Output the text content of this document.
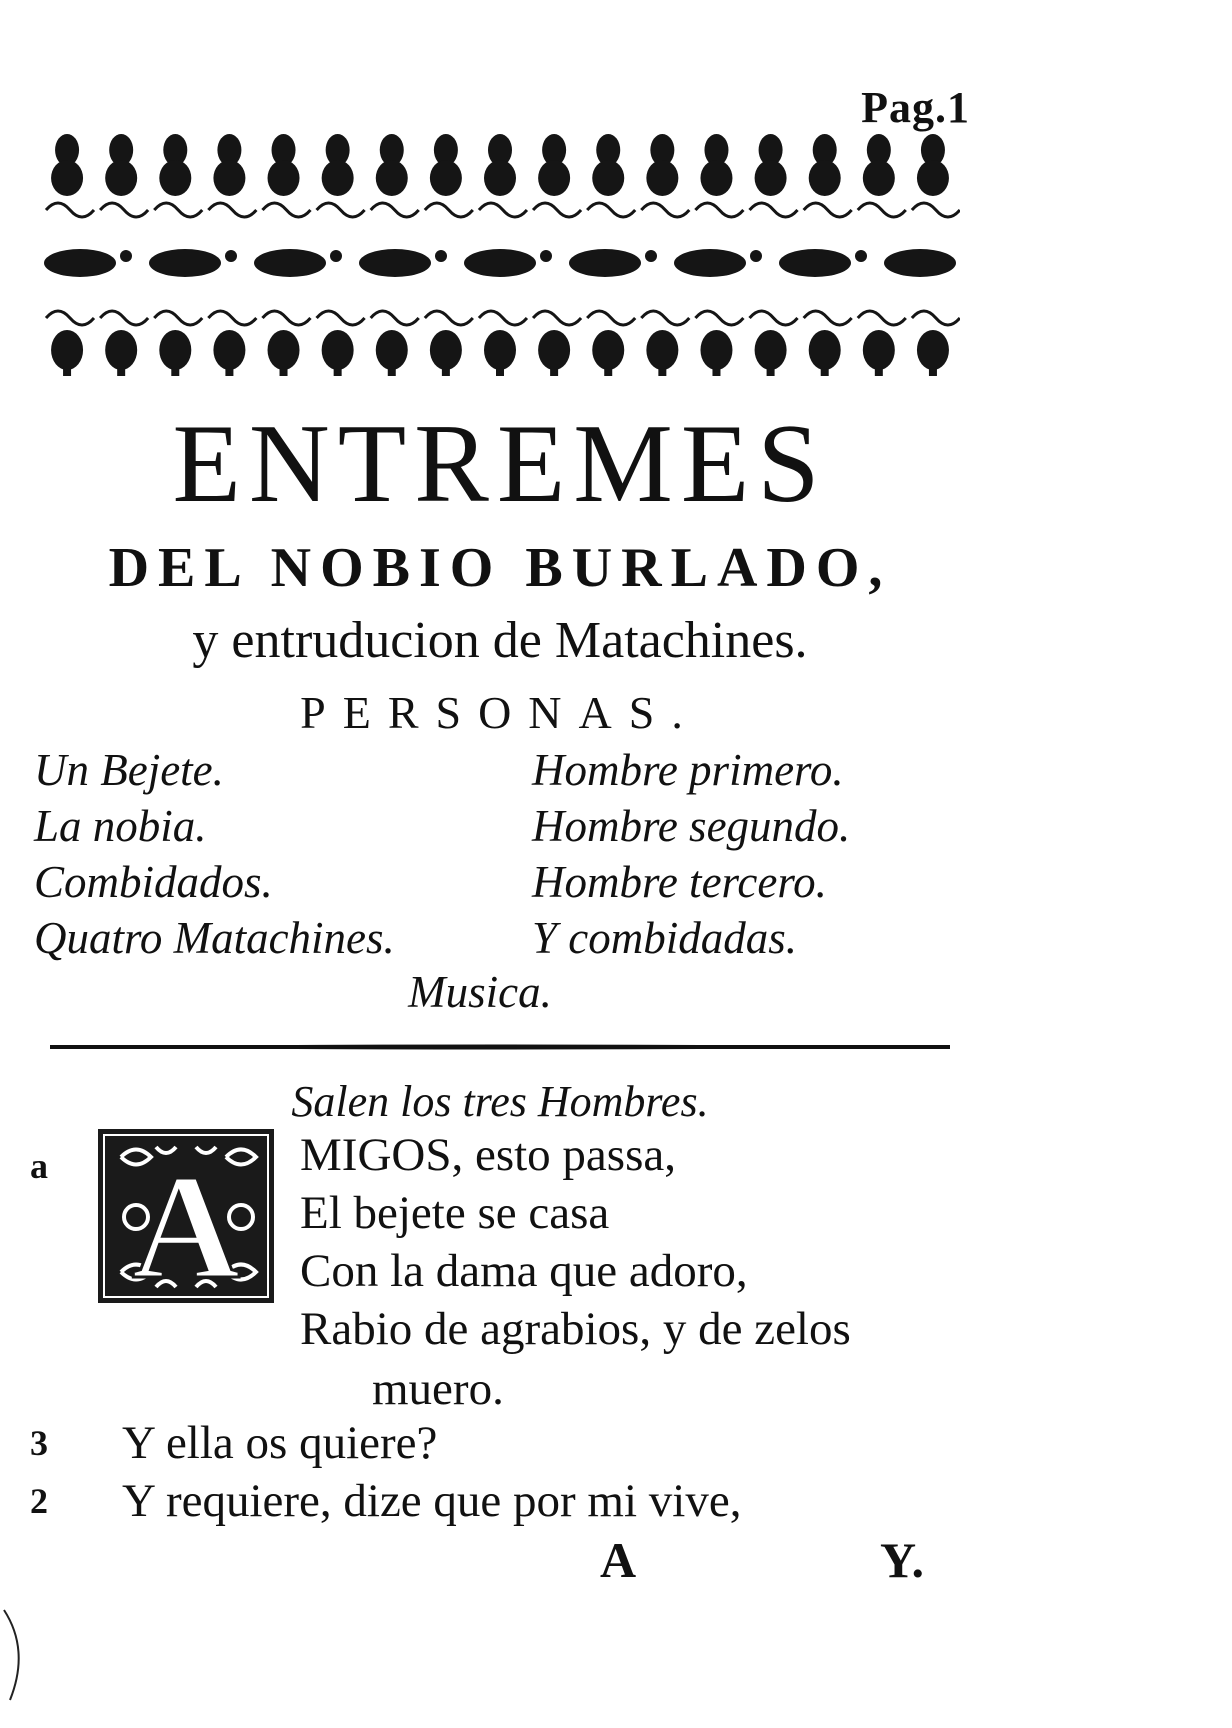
Pag.1
ENTREMES
DEL NOBIO BURLADO,
y entruducion de Matachines.
PERSONAS.
Un Bejete.
La nobia.
Combidados.
Quatro Matachines.
Hombre primero.
Hombre segundo.
Hombre tercero.
Y combidadas.
Musica.
Salen los tres Hombres.
a A MIGOS, esto passa,
El bejete se casa
Con la dama que adoro,
Rabio de agrabios, y de zelos
muero.
3 Y ella os quiere?
2 Y requiere, dize que por mi vive,
A	Y.
